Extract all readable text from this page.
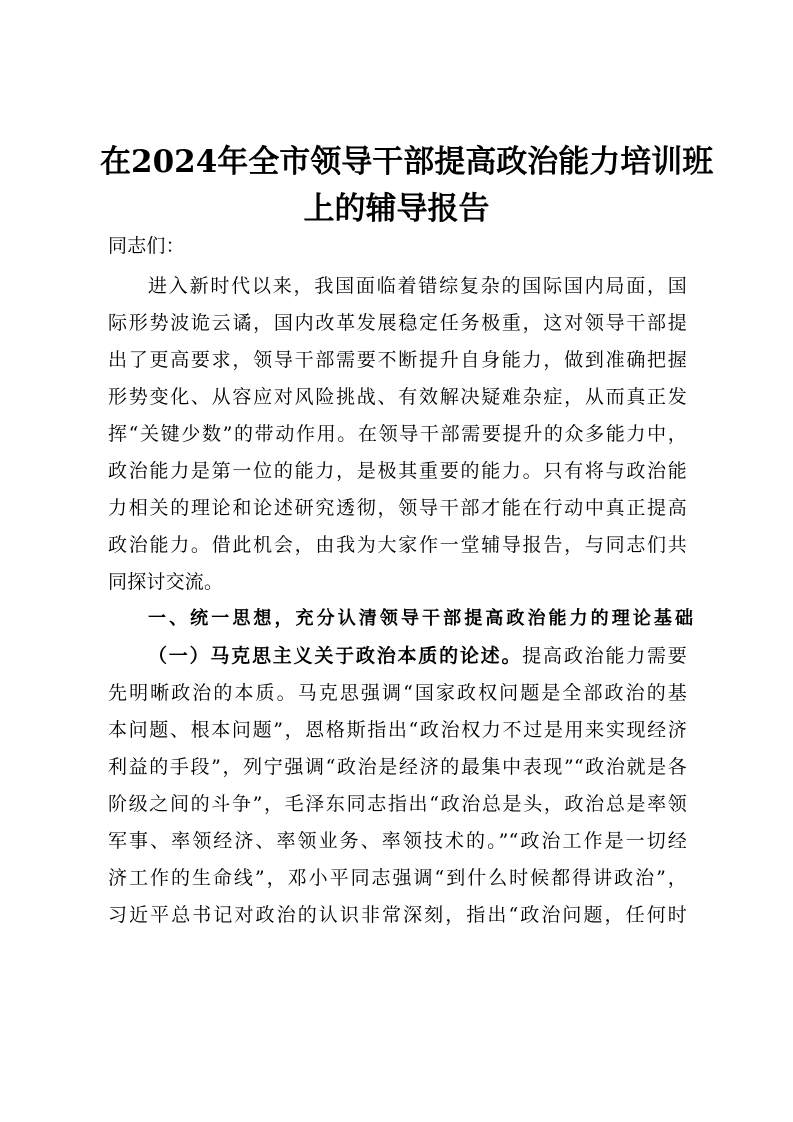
在2024年全市领导干部提高政治能力培训班
上的辅导报告
同志们：
进入新时代以来，我国面临着错综复杂的国际国内局面，国
际形势波诡云谲，国内改革发展稳定任务极重，这对领导干部提
出了更高要求，领导干部需要不断提升自身能力，做到准确把握
形势变化、从容应对风险挑战、有效解决疑难杂症，从而真正发
挥“关键少数”的带动作用。在领导干部需要提升的众多能力中，
政治能力是第一位的能力，是极其重要的能力。只有将与政治能
力相关的理论和论述研究透彻，领导干部才能在行动中真正提高
政治能力。借此机会，由我为大家作一堂辅导报告，与同志们共
同探讨交流。
一、统一思想，充分认清领导干部提高政治能力的理论基础
（一）马克思主义关于政治本质的论述。提高政治能力需要
先明晰政治的本质。马克思强调“国家政权问题是全部政治的基
本问题、根本问题”，恩格斯指出“政治权力不过是用来实现经济
利益的手段”，列宁强调“政治是经济的最集中表现”“政治就是各
阶级之间的斗争”，毛泽东同志指出“政治总是头，政治总是率领
军事、率领经济、率领业务、率领技术的。”“政治工作是一切经
济工作的生命线”，邓小平同志强调“到什么时候都得讲政治”，
习近平总书记对政治的认识非常深刻，指出“政治问题，任何时
